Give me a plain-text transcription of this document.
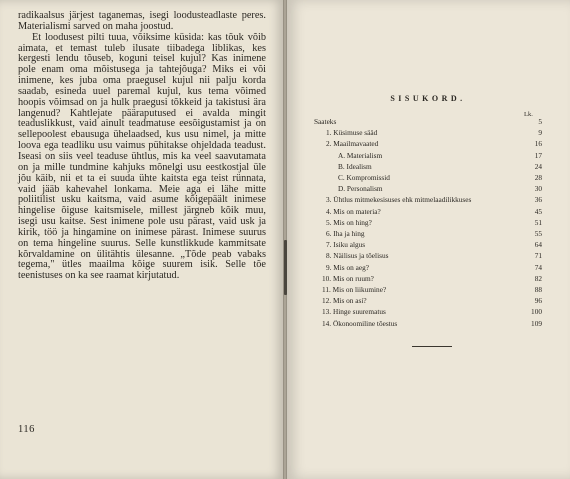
radikaalsus järjest taganemas, isegi loodusteadlaste peres. Materialismi sarved on maha joostud.

Et loodusest pilti tuua, võiksime küsida: kas tõuk võib aimata, et temast tuleb ilusate tiibadega liblikas, kes kergesti lendu tõuseb, koguni teisel kujul? Kas inimene pole enam oma mõistusega ja tahtejõuga? Miks ei või inimene, kes juba oma praegusel kujul nii palju korda saadab, esineda uuel paremal kujul, kus tema võimed hoopis võimsad on ja hulk praegusi tõkkeid ja takistusi ära langenud? Kahtlejate pääraputused ei avalda mingit teaduslikkust, vaid ainult teadmatuse eesõigustamist ja on sellepoolest ebausuga ühelaadsed, kus usu nimel, ja mitte loova ega teadliku usu vaimus pühitakse ohjeldada teadust. Iseasi on siis veel teaduse ühtlus, mis ka veel saavutamata on ja mille tundmine kahjuks mõnelgi usu eestkostjal üle jõu käib, nii et ta ei suuda ühte kaitsta ega teist rünnata, vaid jääb kahevahel lonkama. Meie aga ei lähe mitte poliitilist usku kaitsma, vaid asume kõigepäält inimese hingelise õiguse kaitsmisele, millest järgneb kõik muu, isegi usu kaitse. Sest inimene pole usu pärast, vaid usk ja kirik, töö ja hingamine on inimese pärast. Inimese suurus on tema hingeline suurus. Selle kunstlikkude kammitsate kõrvaldamine on ülitähtis ülesanne. „Tõde peab vabaks tegema," ütles maailma kõige suurem isik. Selle tõe teenistuses on ka see raamat kirjutatud.

116
SISUKORD.
Lk.
Saateks	5
1. Küsimuse sääd	9
2. Maailmavaated	16
A. Materialism	17
B. Idealism	24
C. Kompromissid	28
D. Personalism	30
3. Ühtlus mitmekesisuses ehk mitmelaadilikkuses	36
4. Mis on materia?	45
5. Mis on hing?	51
6. Iha ja hing	55
7. Isiku algus	64
8. Näilisus ja tõelisus	71
9. Mis on aeg?	74
10. Mis on ruum?	82
11. Mis on liikumine?	88
12. Mis on asi?	96
13. Hinge suurematus	100
14. Ökonoomiline tõestus	109
